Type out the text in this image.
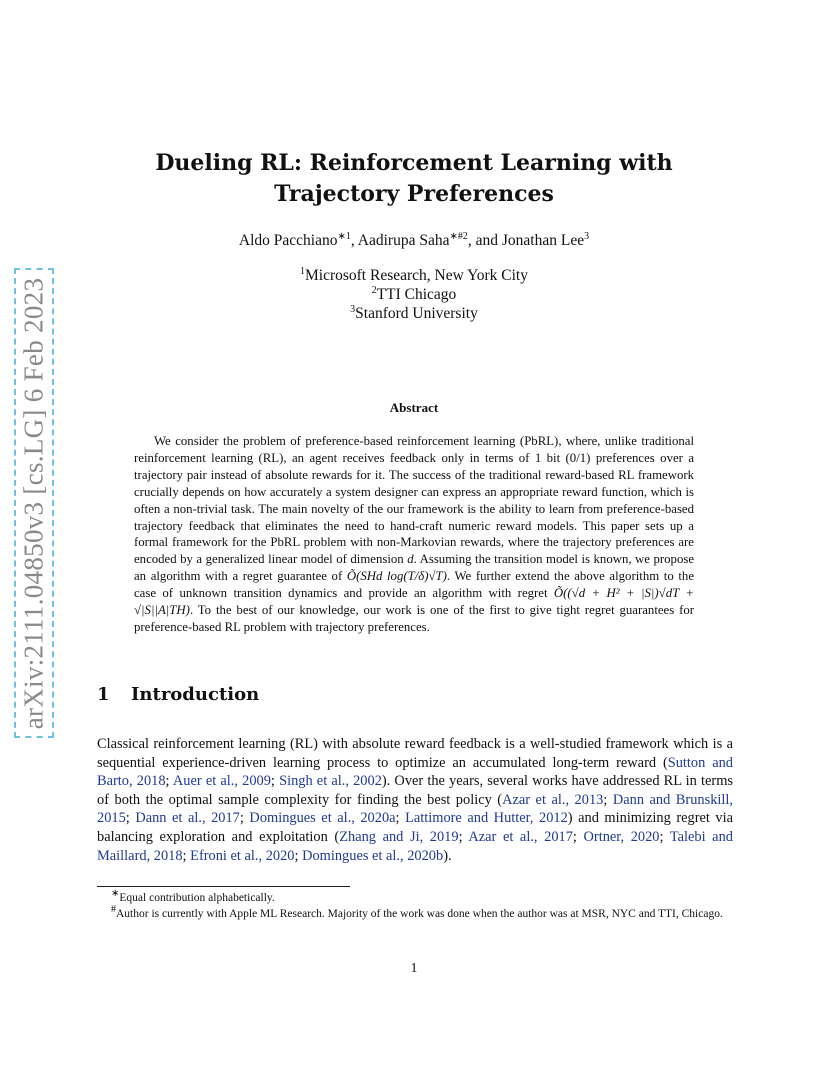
arXiv:2111.04850v3 [cs.LG] 6 Feb 2023
Dueling RL: Reinforcement Learning with
Trajectory Preferences
Aldo Pacchiano$^{∗1}$, Aadirupa Saha$^{∗\#2}$, and Jonathan Lee$^3$
$^1$Microsoft Research, New York City
$^2$TTI Chicago
$^3$Stanford University
Abstract

We consider the problem of preference-based reinforcement learning (PbRL), where, unlike traditional reinforcement learning (RL), an agent receives feedback only in terms of 1 bit (0/1) preferences over a trajectory pair instead of absolute rewards for it. The success of the traditional reward-based RL framework crucially depends on how accurately a system designer can express an appropriate reward function, which is often a non-trivial task. The main novelty of the our framework is the ability to learn from preference-based trajectory feedback that eliminates the need to hand-craft numeric reward models. This paper sets up a formal framework for the PbRL problem with non-Markovian rewards, where the trajectory preferences are encoded by a generalized linear model of dimension d. Assuming the transition model is known, we propose an algorithm with a regret guarantee of Õ(SHd log(T/δ)√T). We further extend the above algorithm to the case of unknown transition dynamics and provide an algorithm with regret Õ((√d + H² + |S|)√dT + √|S||A|TH). To the best of our knowledge, our work is one of the first to give tight regret guarantees for preference-based RL problem with trajectory preferences.

1 Introduction

Classical reinforcement learning (RL) with absolute reward feedback is a well-studied framework which is a sequential experience-driven learning process to optimize an accumulated long-term reward (Sutton and Barto, 2018; Auer et al., 2009; Singh et al., 2002). Over the years, several works have addressed RL in terms of both the optimal sample complexity for finding the best policy (Azar et al., 2013; Dann and Brunskill, 2015; Dann et al., 2017; Domingues et al., 2020a; Lattimore and Hutter, 2012) and minimizing regret via balancing exploration and exploitation (Zhang and Ji, 2019; Azar et al., 2017; Ortner, 2020; Talebi and Maillard, 2018; Efroni et al., 2020; Domingues et al., 2020b).

∗Equal contribution alphabetically.

#Author is currently with Apple ML Research. Majority of the work was done when the author was at MSR, NYC and TTI, Chicago.

1
